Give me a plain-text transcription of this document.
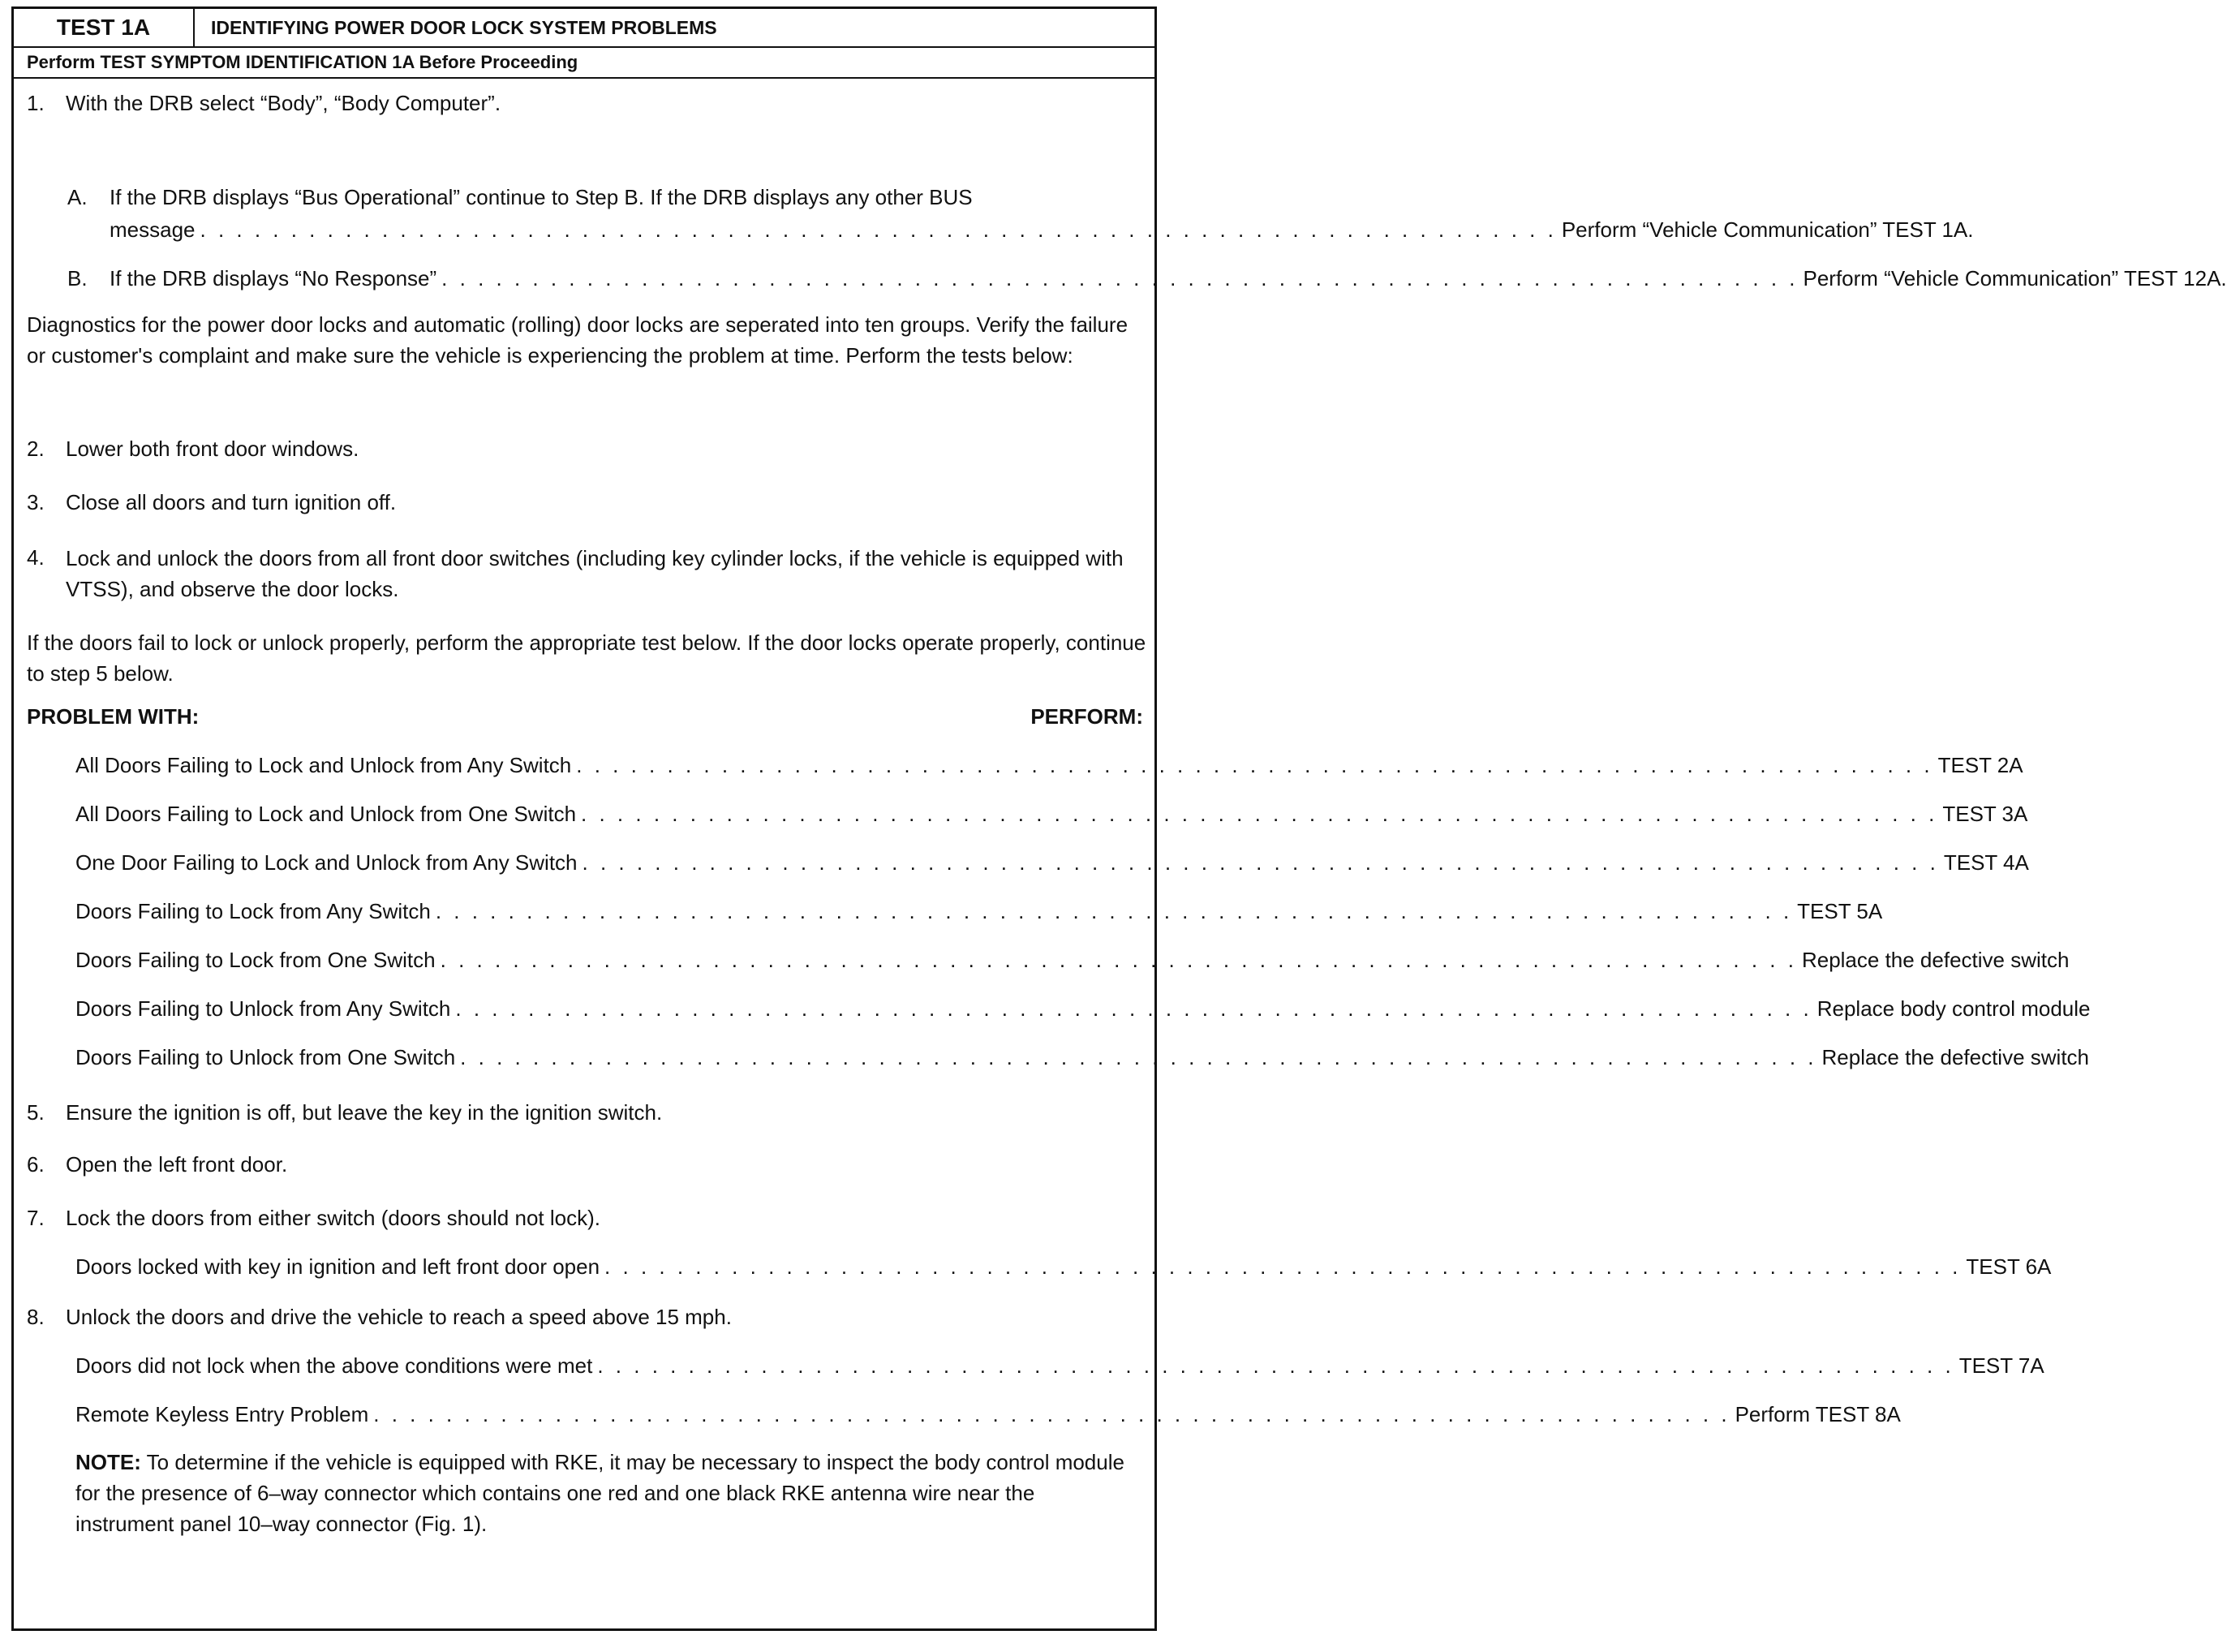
TEST 1A	IDENTIFYING POWER DOOR LOCK SYSTEM PROBLEMS
Perform TEST SYMPTOM IDENTIFICATION 1A Before Proceeding
1. With the DRB select “Body”, “Body Computer”.
A. If the DRB displays “Bus Operational” continue to Step B. If the DRB displays any other BUS
message . . . . . . . . . . . . . . . . . . . . . . . . . . . . . . . . . . . . . . . . . . . . . . . . . . . . . . . . . . . . . . . . . . . . . . . . . . . Perform “Vehicle Communication” TEST 1A.
B. If the DRB displays “No Response” . . . . . . . . . . . . . . . . . . . . . . . . . . . . . . . . . . . . . . . . . . . . . . . . . . . . . . . . . . . . . . . . . . . . . . . . . . . Perform “Vehicle Communication” TEST 12A.
Diagnostics for the power door locks and automatic (rolling) door locks are seperated into ten groups. Verify the failure or customer's complaint and make sure the vehicle is experiencing the problem at time. Perform the tests below:
2. Lower both front door windows.
3. Close all doors and turn ignition off.
4. Lock and unlock the doors from all front door switches (including key cylinder locks, if the vehicle is equipped with VTSS), and observe the door locks.
If the doors fail to lock or unlock properly, perform the appropriate test below. If the door locks operate properly, continue to step 5 below.
PROBLEM WITH:	PERFORM:
All Doors Failing to Lock and Unlock from Any Switch . . . . . . . . . . . . . . . . . . . . . . . . . . . . . . . . . . . . . . . . . . . . . . . . . . . . . . . . . . . . . . . . . . . . . . . . . . . TEST 2A
All Doors Failing to Lock and Unlock from One Switch . . . . . . . . . . . . . . . . . . . . . . . . . . . . . . . . . . . . . . . . . . . . . . . . . . . . . . . . . . . . . . . . . . . . . . . . . . . TEST 3A
One Door Failing to Lock and Unlock from Any Switch . . . . . . . . . . . . . . . . . . . . . . . . . . . . . . . . . . . . . . . . . . . . . . . . . . . . . . . . . . . . . . . . . . . . . . . . . . . TEST 4A
Doors Failing to Lock from Any Switch . . . . . . . . . . . . . . . . . . . . . . . . . . . . . . . . . . . . . . . . . . . . . . . . . . . . . . . . . . . . . . . . . . . . . . . . . . . TEST 5A
Doors Failing to Lock from One Switch . . . . . . . . . . . . . . . . . . . . . . . . . . . . . . . . . . . . . . . . . . . . . . . . . . . . . . . . . . . . . . . . . . . . . . . . . . . Replace the defective switch
Doors Failing to Unlock from Any Switch . . . . . . . . . . . . . . . . . . . . . . . . . . . . . . . . . . . . . . . . . . . . . . . . . . . . . . . . . . . . . . . . . . . . . . . . . . . Replace body control module
Doors Failing to Unlock from One Switch . . . . . . . . . . . . . . . . . . . . . . . . . . . . . . . . . . . . . . . . . . . . . . . . . . . . . . . . . . . . . . . . . . . . . . . . . . . Replace the defective switch
5. Ensure the ignition is off, but leave the key in the ignition switch.
6. Open the left front door.
7. Lock the doors from either switch (doors should not lock).
Doors locked with key in ignition and left front door open . . . . . . . . . . . . . . . . . . . . . . . . . . . . . . . . . . . . . . . . . . . . . . . . . . . . . . . . . . . . . . . . . . . . . . . . . . . TEST 6A
8. Unlock the doors and drive the vehicle to reach a speed above 15 mph.
Doors did not lock when the above conditions were met . . . . . . . . . . . . . . . . . . . . . . . . . . . . . . . . . . . . . . . . . . . . . . . . . . . . . . . . . . . . . . . . . . . . . . . . . . . TEST 7A
Remote Keyless Entry Problem . . . . . . . . . . . . . . . . . . . . . . . . . . . . . . . . . . . . . . . . . . . . . . . . . . . . . . . . . . . . . . . . . . . . . . . . . . . Perform TEST 8A
NOTE: To determine if the vehicle is equipped with RKE, it may be necessary to inspect the body control module for the presence of 6–way connector which contains one red and one black RKE antenna wire near the instrument panel 10–way connector (Fig. 1).
